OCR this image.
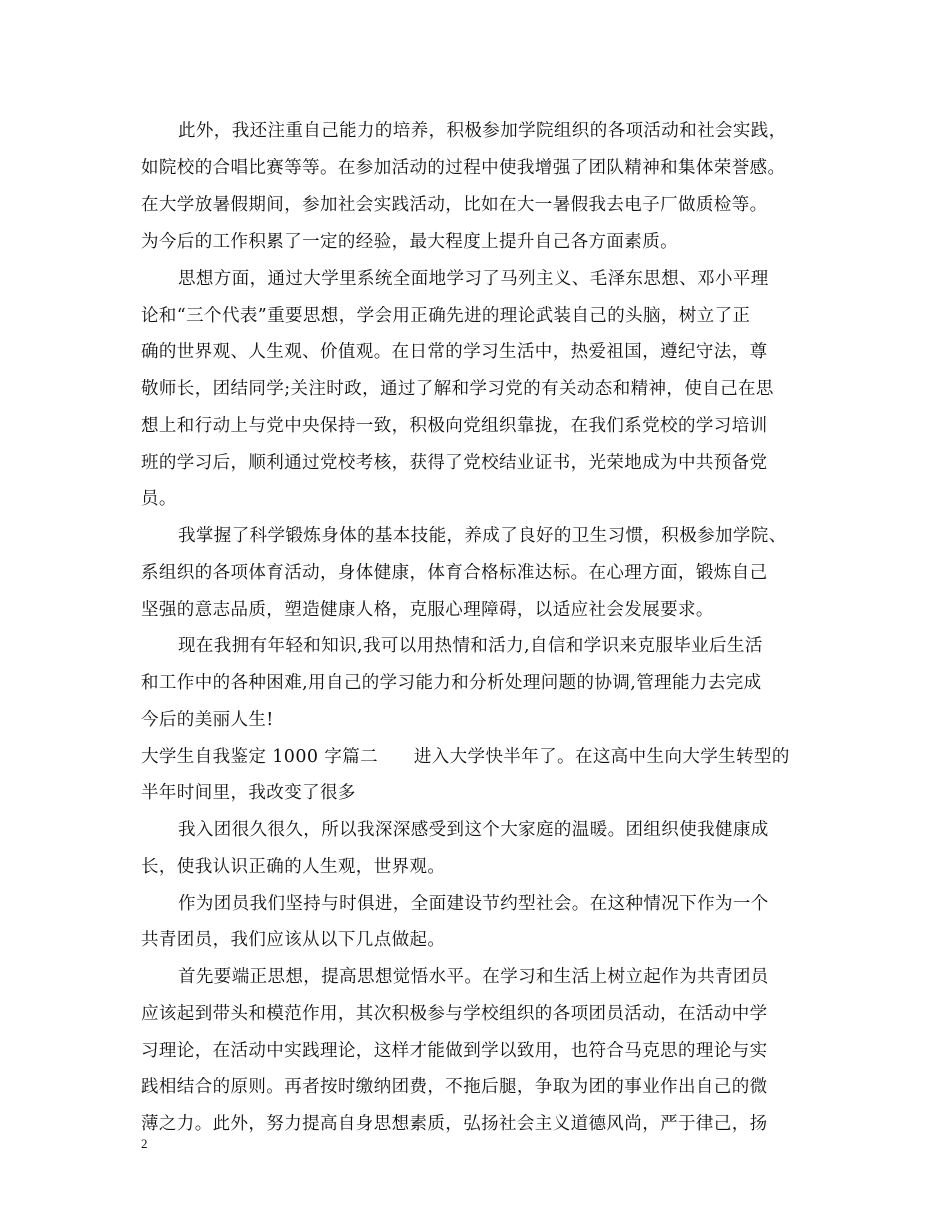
此外，我还注重自己能力的培养，积极参加学院组织的各项活动和社会实践，
如院校的合唱比赛等等。在参加活动的过程中使我增强了团队精神和集体荣誉感。
在大学放暑假期间，参加社会实践活动，比如在大一暑假我去电子厂做质检等。
为今后的工作积累了一定的经验，最大程度上提升自己各方面素质。
思想方面，通过大学里系统全面地学习了马列主义、毛泽东思想、邓小平理
论和“三个代表”重要思想，学会用正确先进的理论武装自己的头脑，树立了正
确的世界观、人生观、价值观。在日常的学习生活中，热爱祖国，遵纪守法，尊
敬师长，团结同学;关注时政，通过了解和学习党的有关动态和精神，使自己在思
想上和行动上与党中央保持一致，积极向党组织靠拢，在我们系党校的学习培训
班的学习后，顺利通过党校考核，获得了党校结业证书，光荣地成为中共预备党
员。
我掌握了科学锻炼身体的基本技能，养成了良好的卫生习惯，积极参加学院、
系组织的各项体育活动，身体健康，体育合格标准达标。在心理方面，锻炼自己
坚强的意志品质，塑造健康人格，克服心理障碍，以适应社会发展要求。
现在我拥有年轻和知识,我可以用热情和活力,自信和学识来克服毕业后生活
和工作中的各种困难,用自己的学习能力和分析处理问题的协调,管理能力去完成
今后的美丽人生!
大学生自我鉴定 1000 字篇二　　进入大学快半年了。在这高中生向大学生转型的
半年时间里，我改变了很多
我入团很久很久，所以我深深感受到这个大家庭的温暖。团组织使我健康成
长，使我认识正确的人生观，世界观。
作为团员我们坚持与时俱进，全面建设节约型社会。在这种情况下作为一个
共青团员，我们应该从以下几点做起。
首先要端正思想，提高思想觉悟水平。在学习和生活上树立起作为共青团员
应该起到带头和模范作用，其次积极参与学校组织的各项团员活动，在活动中学
习理论，在活动中实践理论，这样才能做到学以致用，也符合马克思的理论与实
践相结合的原则。再者按时缴纳团费，不拖后腿，争取为团的事业作出自己的微
薄之力。此外，努力提高自身思想素质，弘扬社会主义道德风尚，严于律己，扬
2
